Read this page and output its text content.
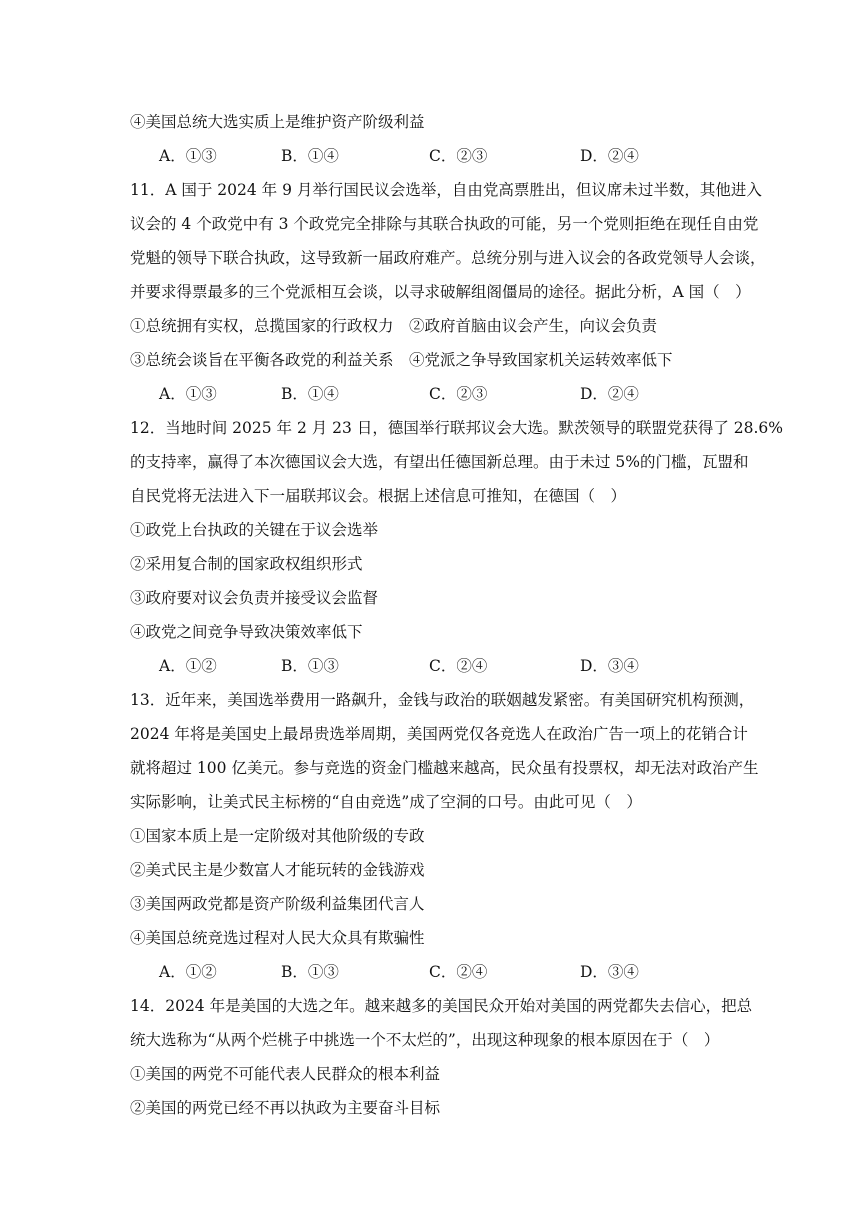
④美国总统大选实质上是维护资产阶级利益
A．①③	B．①④	C．②③	D．②④
11．A 国于 2024 年 9 月举行国民议会选举，自由党高票胜出，但议席未过半数，其他进入
议会的 4 个政党中有 3 个政党完全排除与其联合执政的可能，另一个党则拒绝在现任自由党
党魁的领导下联合执政，这导致新一届政府难产。总统分别与进入议会的各政党领导人会谈，
并要求得票最多的三个党派相互会谈，以寻求破解组阁僵局的途径。据此分析，A 国（　）
①总统拥有实权，总揽国家的行政权力　②政府首脑由议会产生，向议会负责
③总统会谈旨在平衡各政党的利益关系　④党派之争导致国家机关运转效率低下
A．①③	B．①④	C．②③	D．②④
12．当地时间 2025 年 2 月 23 日，德国举行联邦议会大选。默茨领导的联盟党获得了 28.6%
的支持率，赢得了本次德国议会大选，有望出任德国新总理。由于未过 5%的门槛，瓦盟和
自民党将无法进入下一届联邦议会。根据上述信息可推知，在德国（　）
①政党上台执政的关键在于议会选举
②采用复合制的国家政权组织形式
③政府要对议会负责并接受议会监督
④政党之间竞争导致决策效率低下
A．①②	B．①③	C．②④	D．③④
13．近年来，美国选举费用一路飙升，金钱与政治的联姻越发紧密。有美国研究机构预测，
2024 年将是美国史上最昂贵选举周期，美国两党仅各竞选人在政治广告一项上的花销合计
就将超过 100 亿美元。参与竞选的资金门槛越来越高，民众虽有投票权，却无法对政治产生
实际影响，让美式民主标榜的“自由竞选”成了空洞的口号。由此可见（　）
①国家本质上是一定阶级对其他阶级的专政
②美式民主是少数富人才能玩转的金钱游戏
③美国两政党都是资产阶级利益集团代言人
④美国总统竞选过程对人民大众具有欺骗性
A．①②	B．①③	C．②④	D．③④
14．2024 年是美国的大选之年。越来越多的美国民众开始对美国的两党都失去信心，把总
统大选称为“从两个烂桃子中挑选一个不太烂的”，出现这种现象的根本原因在于（　）
①美国的两党不可能代表人民群众的根本利益
②美国的两党已经不再以执政为主要奋斗目标
